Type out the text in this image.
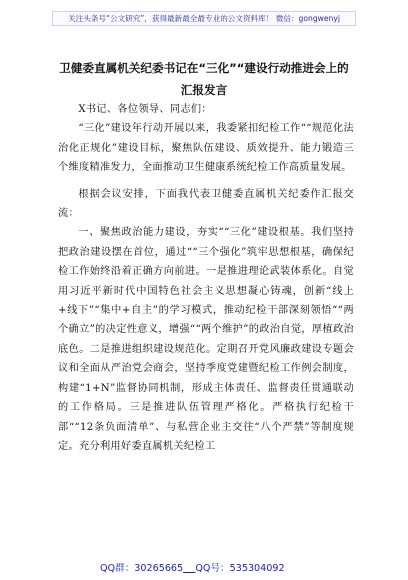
关注头条号“公文研究”，获得最新最全最专业的公文资料库！ 微信：gongwenyj
卫健委直属机关纪委书记在“三化”“建设行动推进会上的
汇报发言

X书记、各位领导、同志们：

“三化”建设年行动开展以来，我委紧扣纪检工作““规范化法治化正规化”建设目标，聚焦队伍建设、质效提升、能力锻造三个维度精准发力，全面推动卫生健康系统纪检工作高质量发展。

根据会议安排，下面我代表卫健委直属机关纪委作汇报交流：

一、聚焦政治能力建设，夯实““三化”建设根基。我们坚持把政治建设摆在首位，通过““三个强化”筑牢思想根基，确保纪检工作始终沿着正确方向前进。一是推进理论武装体系化。自觉用习近平新时代中国特色社会主义思想凝心铸魂，创新“线上+线下”“集中+自主”的学习模式，推动纪检干部深刻领悟““两个确立”的决定性意义，增强““两个维护”的政治自觉，厚植政治底色。二是推进组织建设规范化。定期召开党风廉政建设专题会议和全面从严治党会商会，坚持季度党建暨纪检工作例会制度，构建“1+N”监督协同机制，形成主体责任、监督责任贯通联动的工作格局。三是推进队伍管理严格化。严格执行纪检干部““12条负面清单”、与私营企业主交往“八个严禁”等制度规定。充分利用好委直属机关纪检工

QQ群：30265665 QQ号：535304092
